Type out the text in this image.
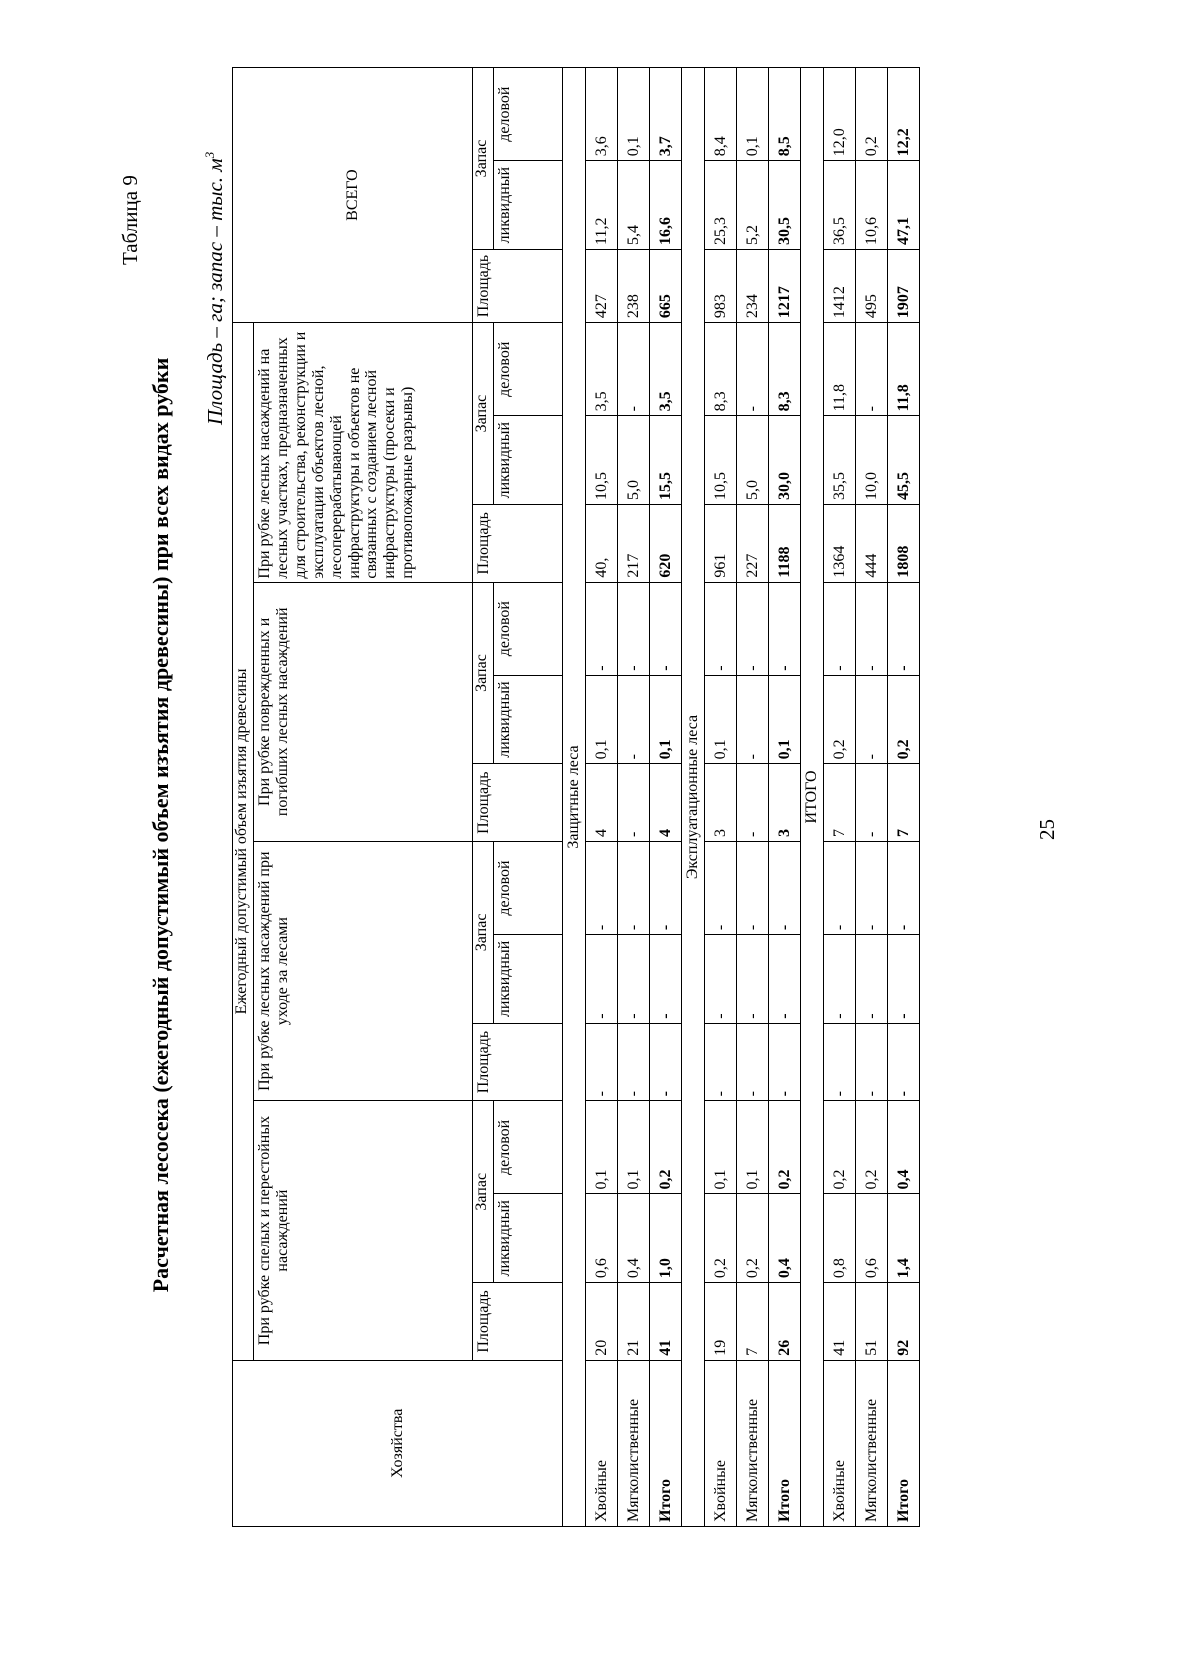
Таблица 9
Расчетная лесосека (ежегодный допустимый объем изъятия древесины) при всех видах рубки
Площадь – га; запас – тыс. $м^3$
Хозяйства	Ежегодный допустимый объем изъятия древесины												ВСЕГО		
	При рубке спелых и перестойных насаждений			При рубке лесных насаждений при уходе за лесами			При рубке поврежденных и погибших лесных насаждений			При рубке лесных насаждений на лесных участках, предназначенных для строительства, реконструкции и эксплуатации объектов лесной, лесоперерабатывающей инфраструктуры и объектов не связанных с созданием лесной инфраструктуры (просеки и противопожарные разрывы)					
	Площадь	Запас		Площадь	Запас		Площадь	Запас		Площадь	Запас		Площадь	Запас	
		ликвидный	деловой		ликвидный	деловой		ликвидный	деловой		ликвидный	деловой		ликвидный	деловой
Защитные леса															
Хвойные	20	0,6	0,1	-	-	-	4	0,1	-	40,	10,5	3,5	427	11,2	3,6
Мягколиственные	21	0,4	0,1	-	-	-	-	-	-	217	5,0	-	238	5,4	0,1
Итого	41	1,0	0,2	-	-	-	4	0,1	-	620	15,5	3,5	665	16,6	3,7
Эксплуатационные леса															
Хвойные	19	0,2	0,1	-	-	-	3	0,1	-	961	10,5	8,3	983	25,3	8,4
Мягколиственные	7	0,2	0,1	-	-	-	-	-	-	227	5,0	-	234	5,2	0,1
Итого	26	0,4	0,2	-	-	-	3	0,1	-	1188	30,0	8,3	1217	30,5	8,5
ИТОГО															
Хвойные	41	0,8	0,2	-	-	-	7	0,2	-	1364	35,5	11,8	1412	36,5	12,0
Мягколиственные	51	0,6	0,2	-	-	-	-	-	-	444	10,0	-	495	10,6	0,2
Итого	92	1,4	0,4	-	-	-	7	0,2	-	1808	45,5	11,8	1907	47,1	12,2
25
